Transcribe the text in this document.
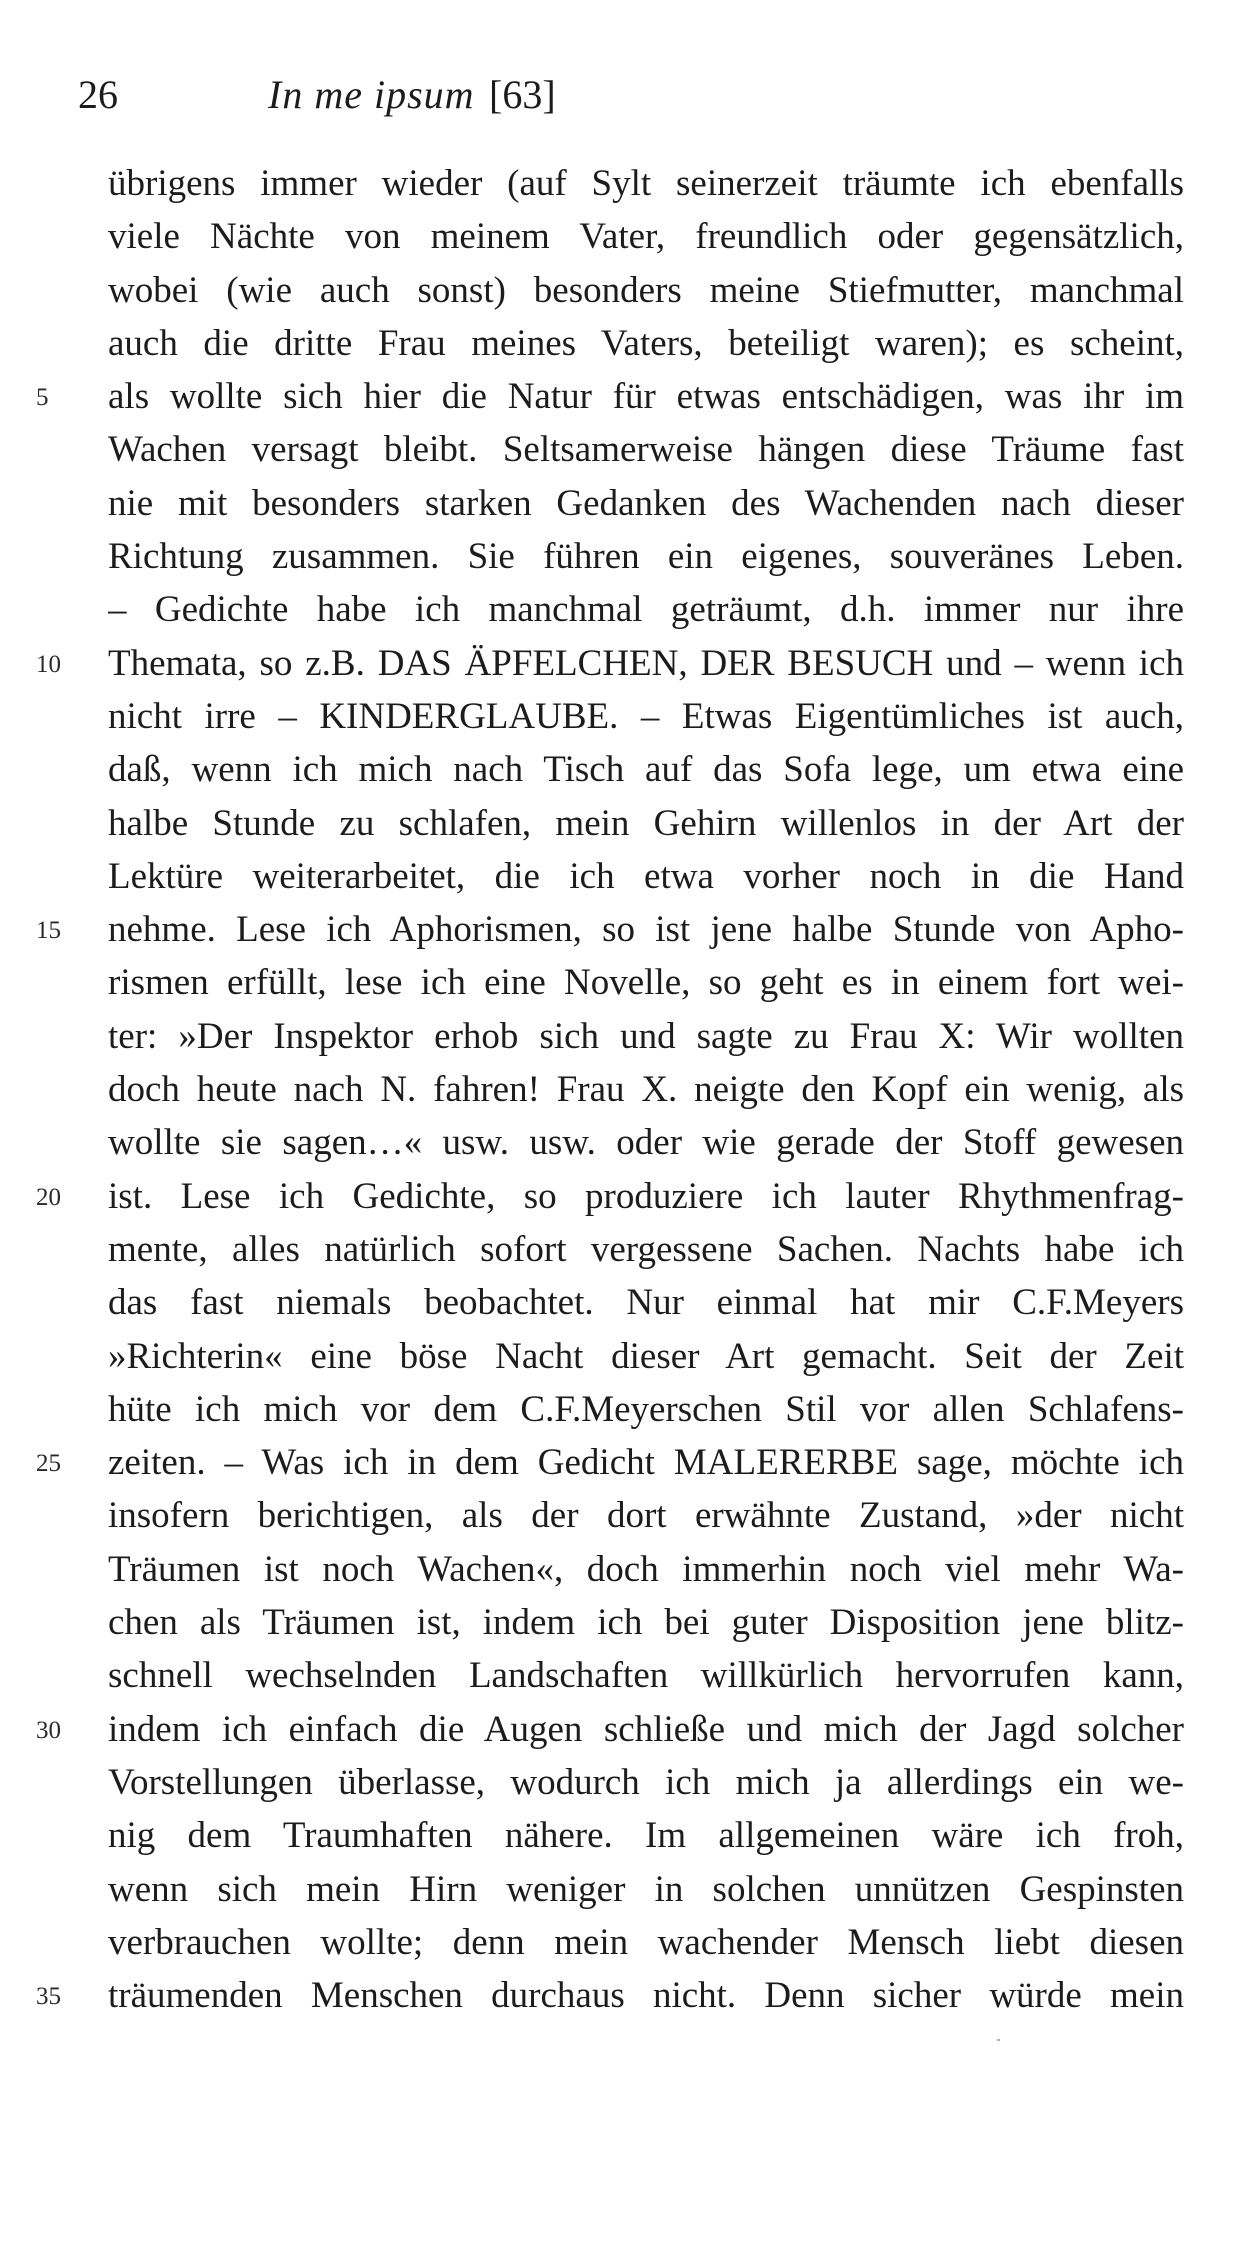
26	In me ipsum [63]
übrigens immer wieder (auf Sylt seinerzeit träumte ich ebenfalls
viele Nächte von meinem Vater, freundlich oder gegensätzlich,
wobei (wie auch sonst) besonders meine Stiefmutter, manchmal
auch die dritte Frau meines Vaters, beteiligt waren); es scheint,
5 als wollte sich hier die Natur für etwas entschädigen, was ihr im
Wachen versagt bleibt. Seltsamerweise hängen diese Träume fast
nie mit besonders starken Gedanken des Wachenden nach dieser
Richtung zusammen. Sie führen ein eigenes, souveränes Leben.
– Gedichte habe ich manchmal geträumt, d.h. immer nur ihre
10 Themata, so z.B. DAS ÄPFELCHEN, DER BESUCH und – wenn ich
nicht irre – KINDERGLAUBE. – Etwas Eigentümliches ist auch,
daß, wenn ich mich nach Tisch auf das Sofa lege, um etwa eine
halbe Stunde zu schlafen, mein Gehirn willenlos in der Art der
Lektüre weiterarbeitet, die ich etwa vorher noch in die Hand
15 nehme. Lese ich Aphorismen, so ist jene halbe Stunde von Apho-
rismen erfüllt, lese ich eine Novelle, so geht es in einem fort wei-
ter: »Der Inspektor erhob sich und sagte zu Frau X: Wir wollten
doch heute nach N. fahren! Frau X. neigte den Kopf ein wenig, als
wollte sie sagen…« usw. usw. oder wie gerade der Stoff gewesen
20 ist. Lese ich Gedichte, so produziere ich lauter Rhythmenfrag-
mente, alles natürlich sofort vergessene Sachen. Nachts habe ich
das fast niemals beobachtet. Nur einmal hat mir C.F.Meyers
»Richterin« eine böse Nacht dieser Art gemacht. Seit der Zeit
hüte ich mich vor dem C.F.Meyerschen Stil vor allen Schlafens-
25 zeiten. – Was ich in dem Gedicht MALERERBE sage, möchte ich
insofern berichtigen, als der dort erwähnte Zustand, »der nicht
Träumen ist noch Wachen«, doch immerhin noch viel mehr Wa-
chen als Träumen ist, indem ich bei guter Disposition jene blitz-
schnell wechselnden Landschaften willkürlich hervorrufen kann,
30 indem ich einfach die Augen schließe und mich der Jagd solcher
Vorstellungen überlasse, wodurch ich mich ja allerdings ein we-
nig dem Traumhaften nähere. Im allgemeinen wäre ich froh,
wenn sich mein Hirn weniger in solchen unnützen Gespinsten
verbrauchen wollte; denn mein wachender Mensch liebt diesen
35 träumenden Menschen durchaus nicht. Denn sicher würde mein
